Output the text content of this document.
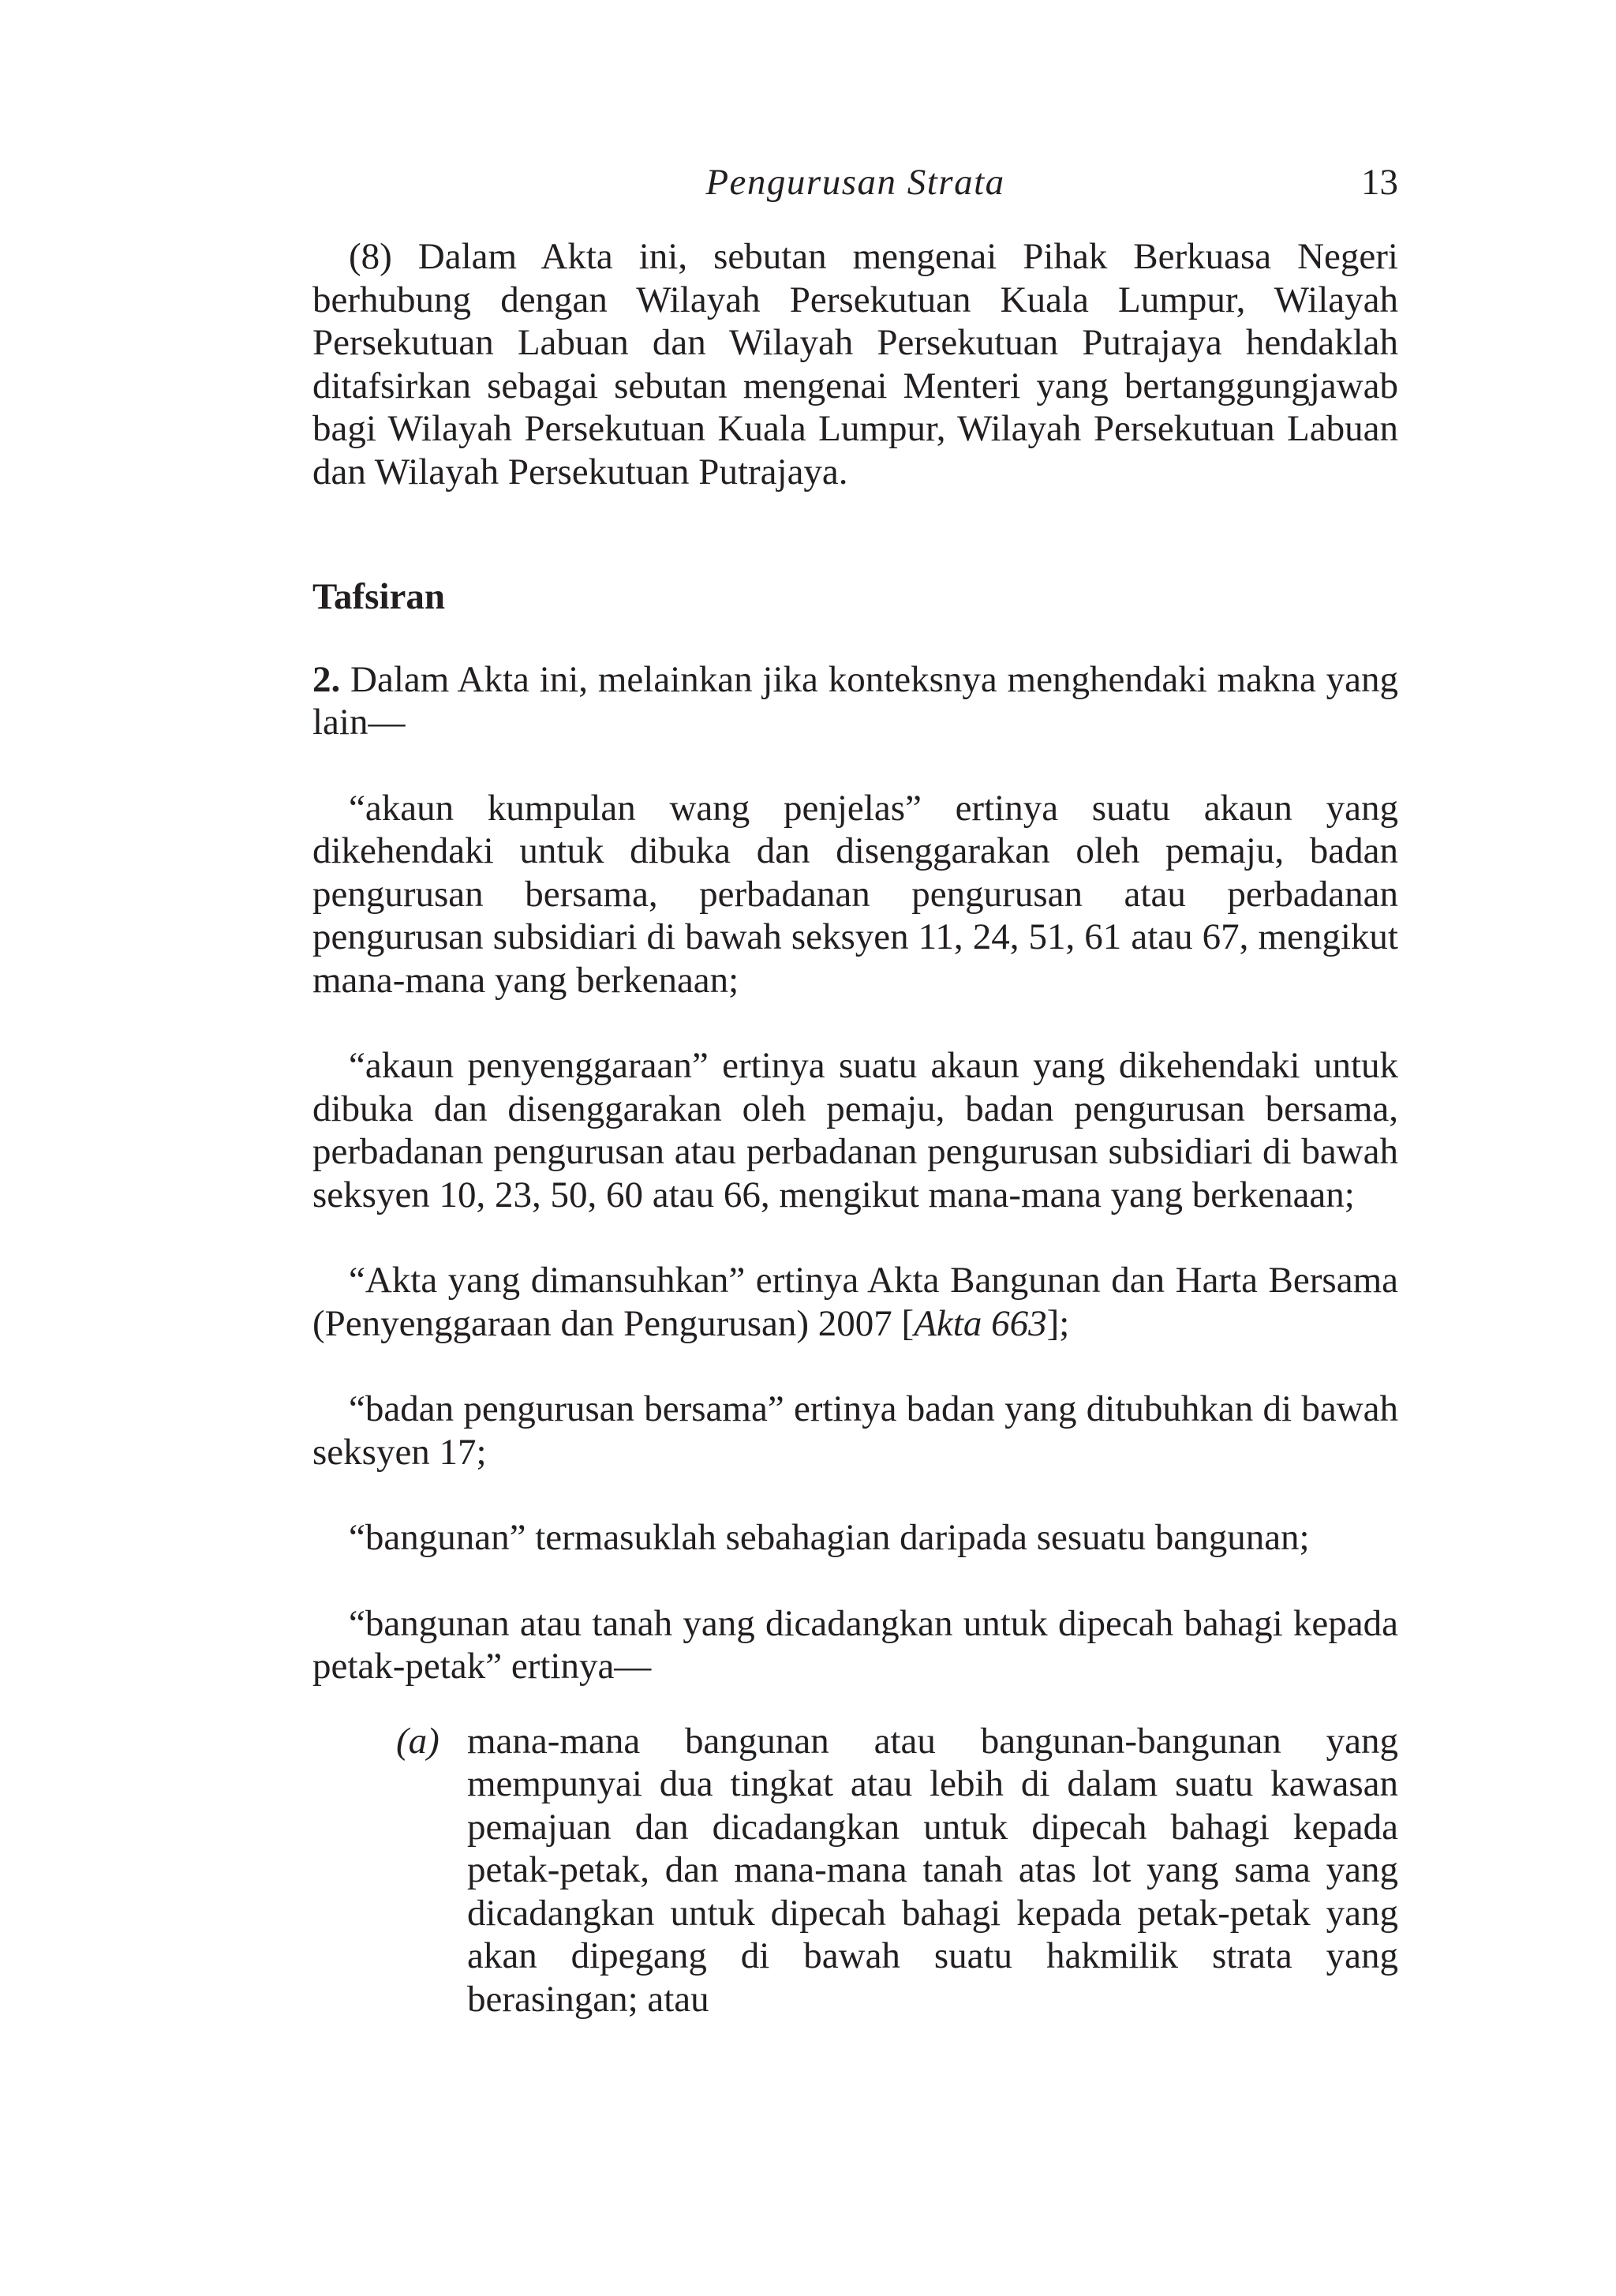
Pengurusan Strata	13

(8) Dalam Akta ini, sebutan mengenai Pihak Berkuasa Negeri berhubung dengan Wilayah Persekutuan Kuala Lumpur, Wilayah Persekutuan Labuan dan Wilayah Persekutuan Putrajaya hendaklah ditafsirkan sebagai sebutan mengenai Menteri yang bertanggungjawab bagi Wilayah Persekutuan Kuala Lumpur, Wilayah Persekutuan Labuan dan Wilayah Persekutuan Putrajaya.

Tafsiran

2. Dalam Akta ini, melainkan jika konteksnya menghendaki makna yang lain—

“akaun kumpulan wang penjelas” ertinya suatu akaun yang dikehendaki untuk dibuka dan disenggarakan oleh pemaju, badan pengurusan bersama, perbadanan pengurusan atau perbadanan pengurusan subsidiari di bawah seksyen 11, 24, 51, 61 atau 67, mengikut mana-mana yang berkenaan;

“akaun penyenggaraan” ertinya suatu akaun yang dikehendaki untuk dibuka dan disenggarakan oleh pemaju, badan pengurusan bersama, perbadanan pengurusan atau perbadanan pengurusan subsidiari di bawah seksyen 10, 23, 50, 60 atau 66, mengikut mana-mana yang berkenaan;

“Akta yang dimansuhkan” ertinya Akta Bangunan dan Harta Bersama (Penyenggaraan dan Pengurusan) 2007 [Akta 663];

“badan pengurusan bersama” ertinya badan yang ditubuhkan di bawah seksyen 17;

“bangunan” termasuklah sebahagian daripada sesuatu bangunan;

“bangunan atau tanah yang dicadangkan untuk dipecah bahagi kepada petak-petak” ertinya—

(a) mana-mana bangunan atau bangunan-bangunan yang mempunyai dua tingkat atau lebih di dalam suatu kawasan pemajuan dan dicadangkan untuk dipecah bahagi kepada petak-petak, dan mana-mana tanah atas lot yang sama yang dicadangkan untuk dipecah bahagi kepada petak-petak yang akan dipegang di bawah suatu hakmilik strata yang berasingan; atau
